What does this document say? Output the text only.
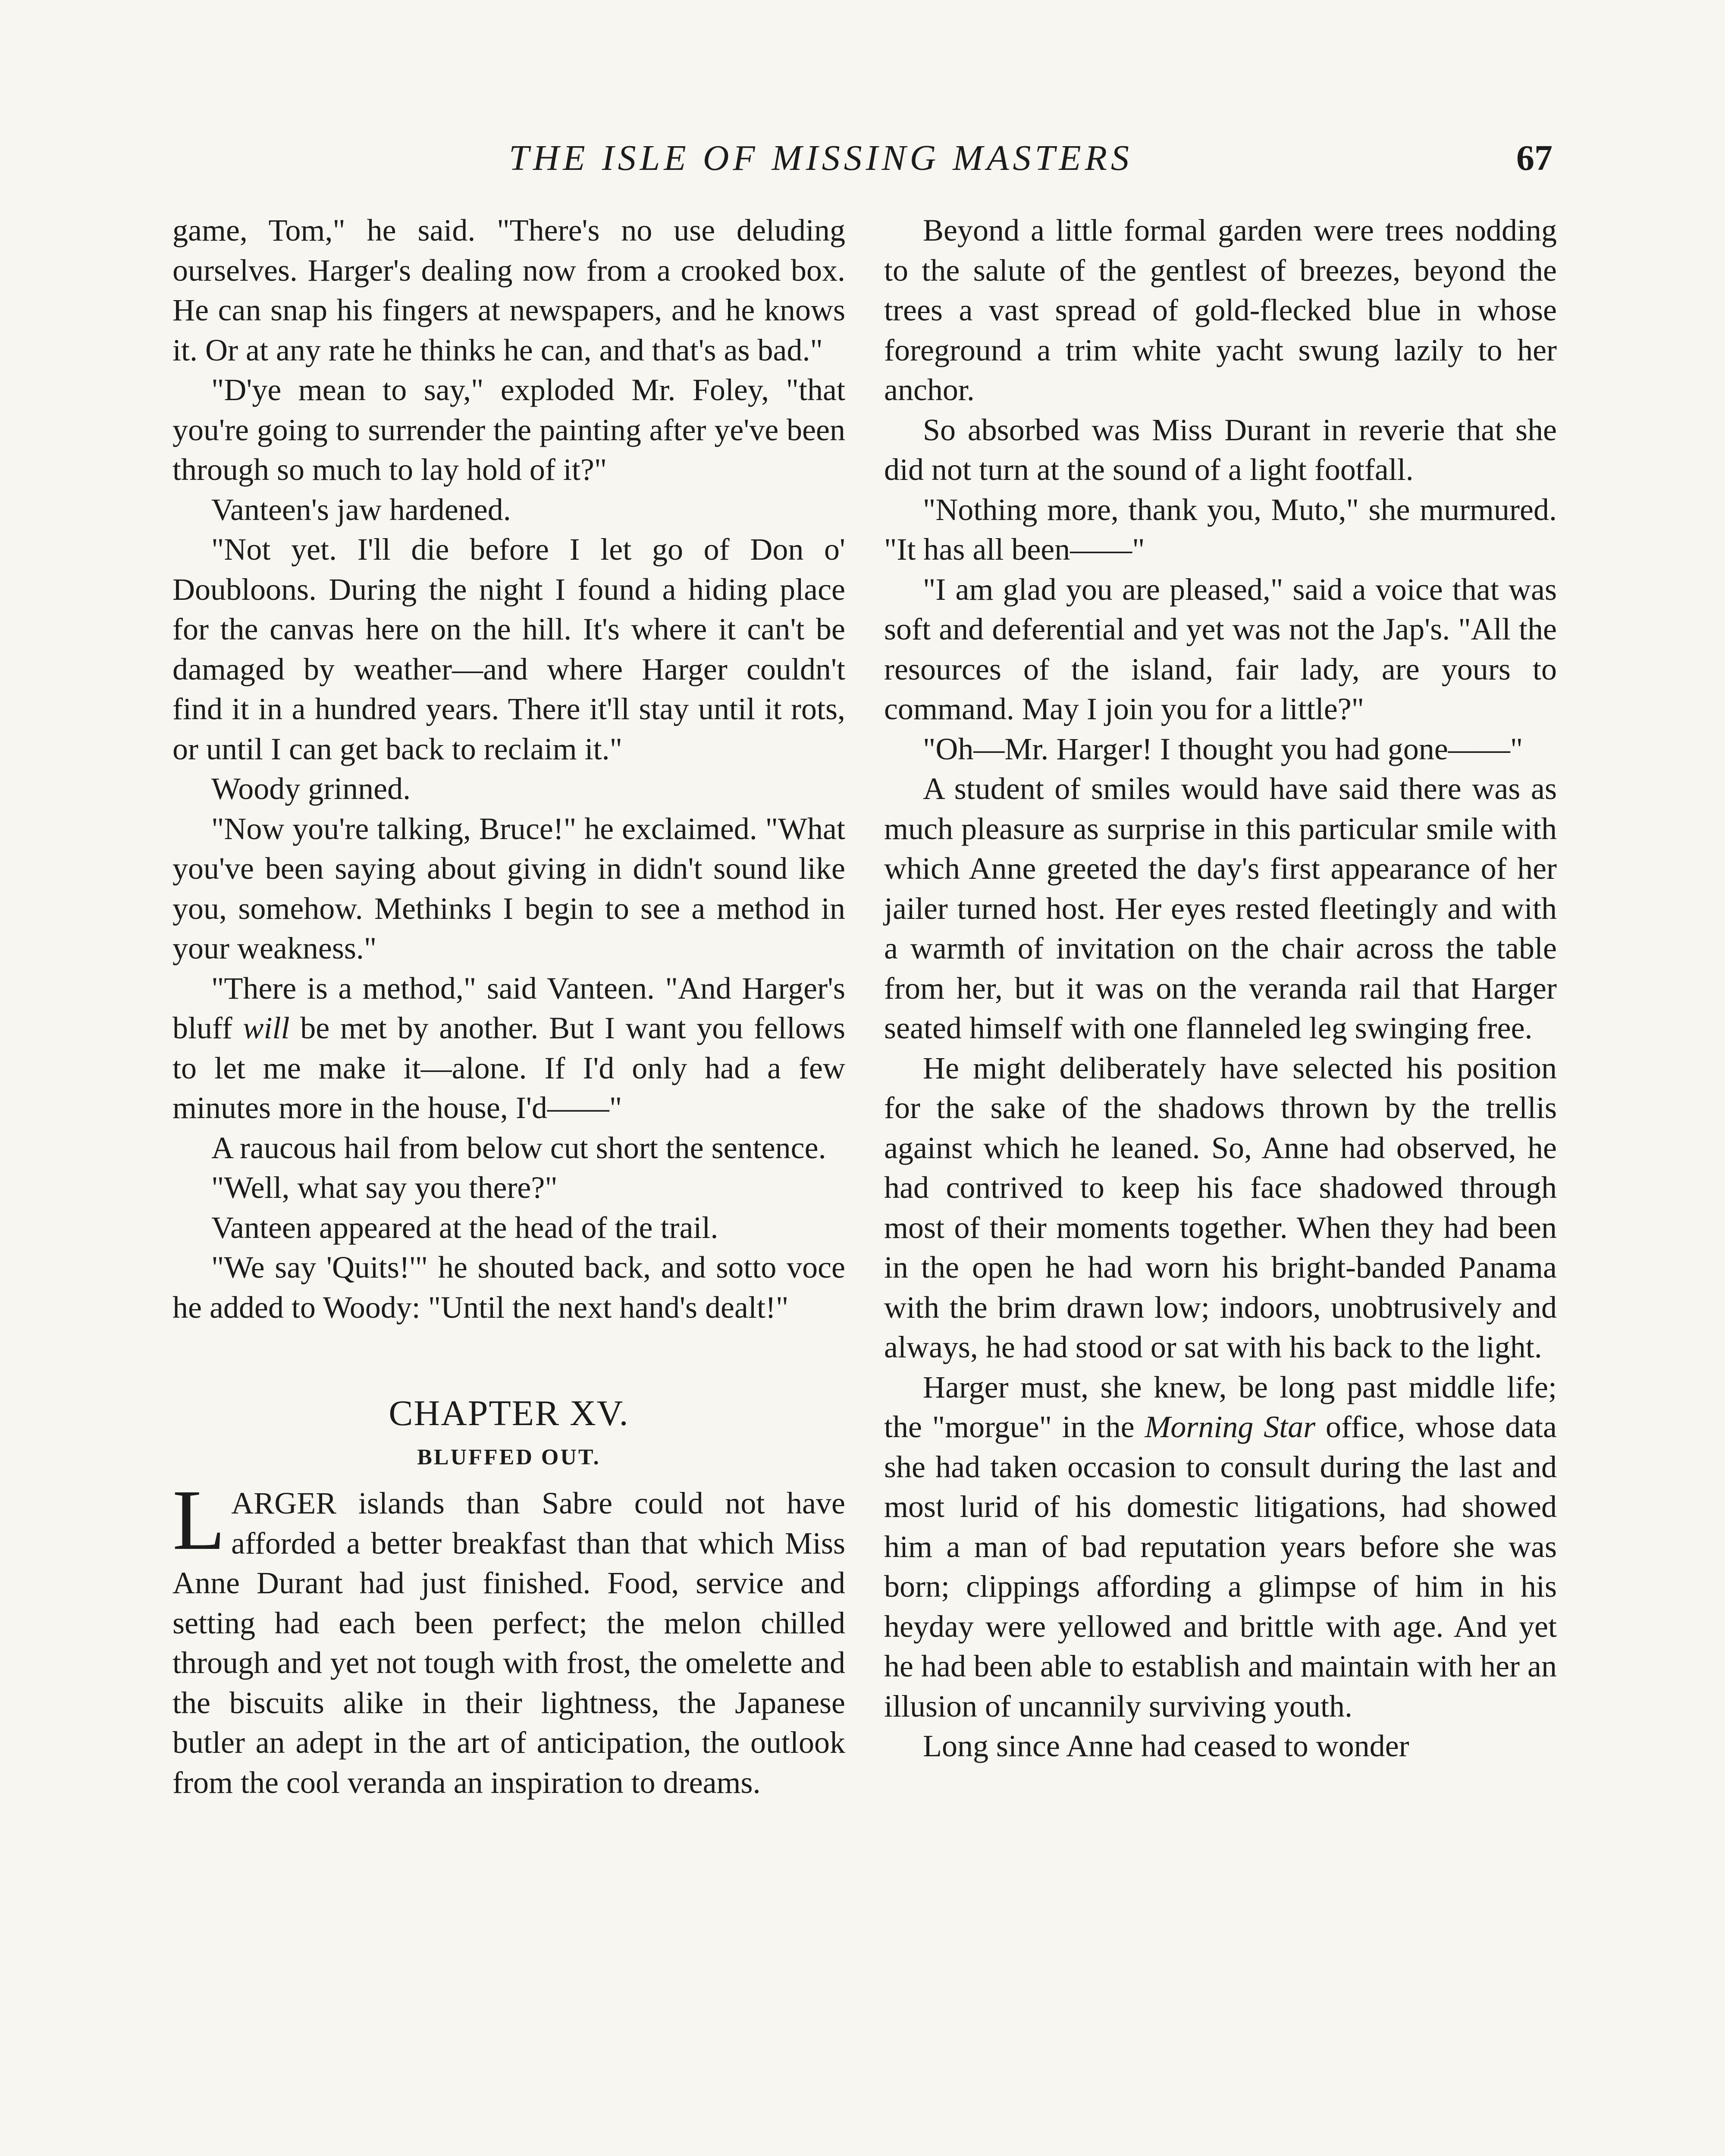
THE ISLE OF MISSING MASTERS	67

game, Tom," he said. "There's no use deluding ourselves. Harger's dealing now from a crooked box. He can snap his fingers at newspapers, and he knows it. Or at any rate he thinks he can, and that's as bad."

"D'ye mean to say," exploded Mr. Foley, "that you're going to surrender the painting after ye've been through so much to lay hold of it?"

Vanteen's jaw hardened.

"Not yet. I'll die before I let go of Don o' Doubloons. During the night I found a hiding place for the canvas here on the hill. It's where it can't be damaged by weather—and where Harger couldn't find it in a hundred years. There it'll stay until it rots, or until I can get back to reclaim it."

Woody grinned.

"Now you're talking, Bruce!" he exclaimed. "What you've been saying about giving in didn't sound like you, somehow. Methinks I begin to see a method in your weakness."

"There is a method," said Vanteen. "And Harger's bluff will be met by another. But I want you fellows to let me make it—alone. If I'd only had a few minutes more in the house, I'd——"

A raucous hail from below cut short the sentence.

"Well, what say you there?"

Vanteen appeared at the head of the trail.

"We say 'Quits!'" he shouted back, and sotto voce he added to Woody: "Until the next hand's dealt!"

CHAPTER XV.
BLUFFED OUT.

LARGER islands than Sabre could not have afforded a better breakfast than that which Miss Anne Durant had just finished. Food, service and setting had each been perfect; the melon chilled through and yet not tough with frost, the omelette and the biscuits alike in their lightness, the Japanese butler an adept in the art of anticipation, the outlook from the cool veranda an inspiration to dreams.

Beyond a little formal garden were trees nodding to the salute of the gentlest of breezes, beyond the trees a vast spread of gold-flecked blue in whose foreground a trim white yacht swung lazily to her anchor.

So absorbed was Miss Durant in reverie that she did not turn at the sound of a light footfall.

"Nothing more, thank you, Muto," she murmured. "It has all been——"

"I am glad you are pleased," said a voice that was soft and deferential and yet was not the Jap's. "All the resources of the island, fair lady, are yours to command. May I join you for a little?"

"Oh—Mr. Harger! I thought you had gone——"

A student of smiles would have said there was as much pleasure as surprise in this particular smile with which Anne greeted the day's first appearance of her jailer turned host. Her eyes rested fleetingly and with a warmth of invitation on the chair across the table from her, but it was on the veranda rail that Harger seated himself with one flanneled leg swinging free.

He might deliberately have selected his position for the sake of the shadows thrown by the trellis against which he leaned. So, Anne had observed, he had contrived to keep his face shadowed through most of their moments together. When they had been in the open he had worn his bright-banded Panama with the brim drawn low; indoors, unobtrusively and always, he had stood or sat with his back to the light.

Harger must, she knew, be long past middle life; the "morgue" in the Morning Star office, whose data she had taken occasion to consult during the last and most lurid of his domestic litigations, had showed him a man of bad reputation years before she was born; clippings affording a glimpse of him in his heyday were yellowed and brittle with age. And yet he had been able to establish and maintain with her an illusion of uncannily surviving youth.

Long since Anne had ceased to wonder
